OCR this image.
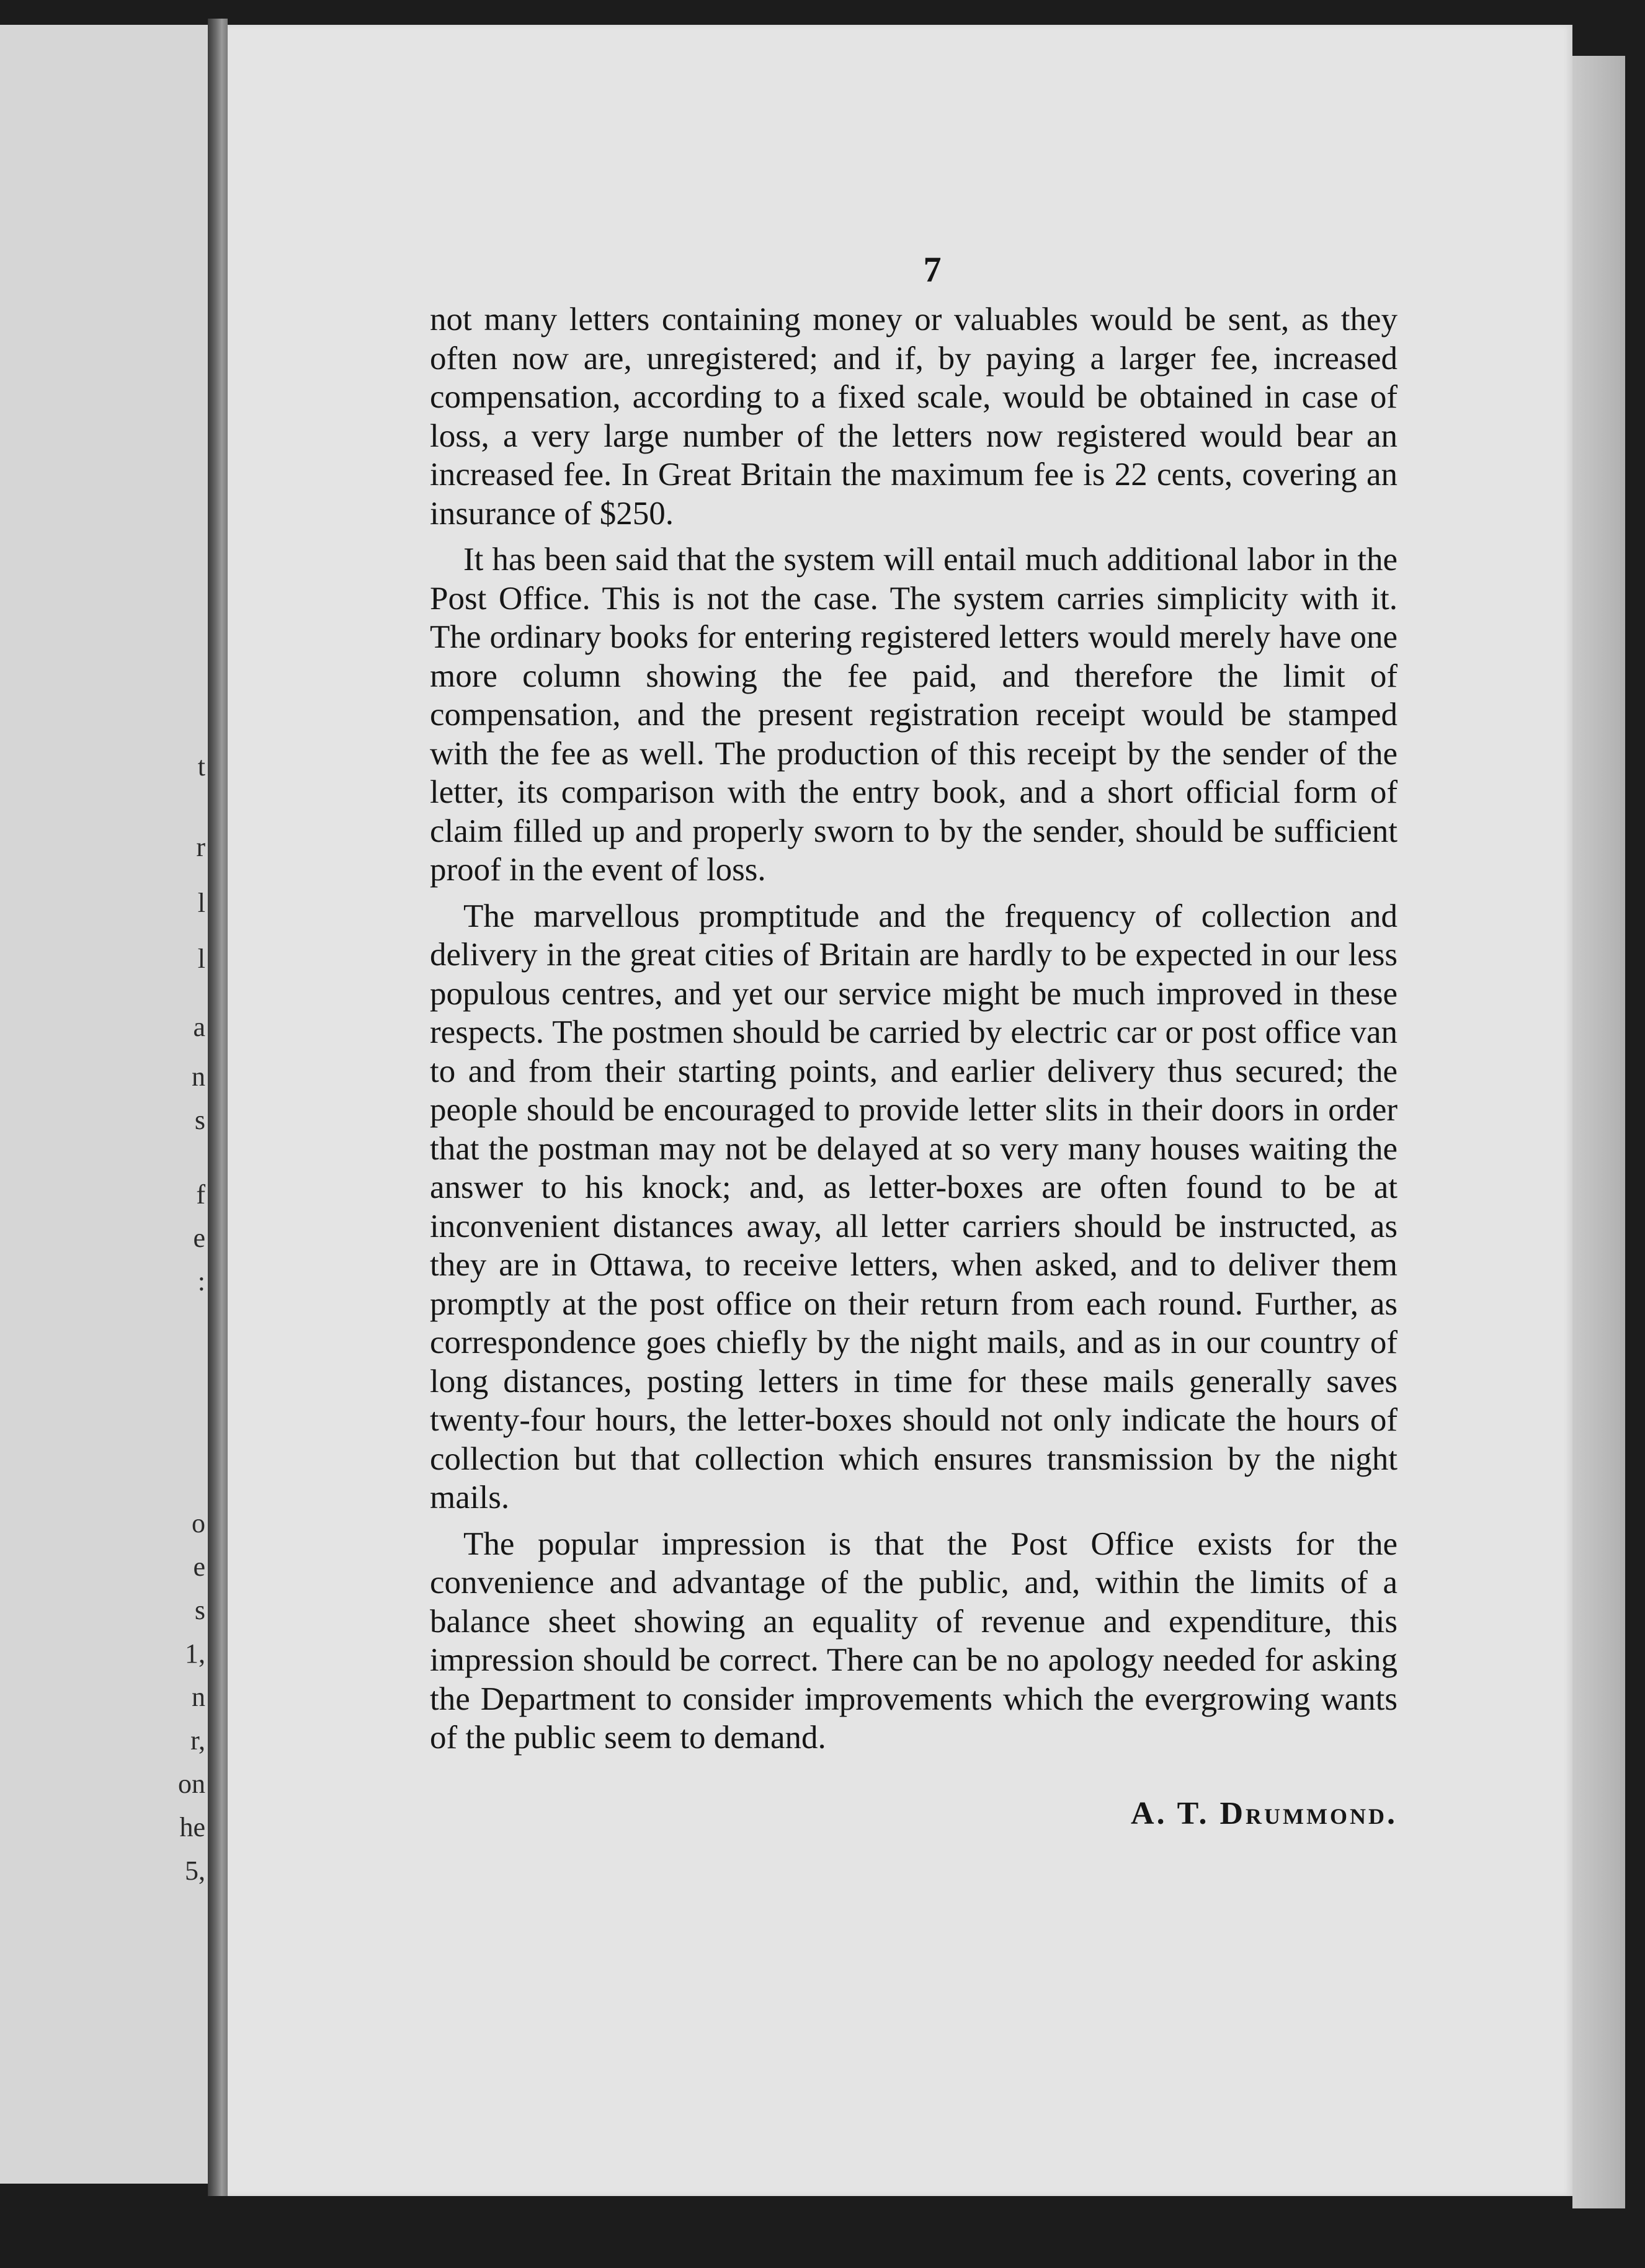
t
r
l
l
a
n
s
f
e
:
o
e
s
1,
n
r,
on
he
5,
7

not many letters containing money or valuables would be sent, as they often now are, unregistered; and if, by paying a larger fee, increased compensation, according to a fixed scale, would be obtained in case of loss, a very large number of the letters now registered would bear an increased fee. In Great Britain the maximum fee is 22 cents, covering an insurance of $250.

It has been said that the system will entail much additional labor in the Post Office. This is not the case. The system carries simplicity with it. The ordinary books for entering registered letters would merely have one more column showing the fee paid, and therefore the limit of compensation, and the present registration receipt would be stamped with the fee as well. The production of this receipt by the sender of the letter, its comparison with the entry book, and a short official form of claim filled up and properly sworn to by the sender, should be sufficient proof in the event of loss.

The marvellous promptitude and the frequency of collection and delivery in the great cities of Britain are hardly to be expected in our less populous centres, and yet our service might be much improved in these respects. The postmen should be carried by electric car or post office van to and from their starting points, and earlier delivery thus secured; the people should be encouraged to provide letter slits in their doors in order that the postman may not be delayed at so very many houses waiting the answer to his knock; and, as letter-boxes are often found to be at inconvenient distances away, all letter carriers should be instructed, as they are in Ottawa, to receive letters, when asked, and to deliver them promptly at the post office on their return from each round. Further, as correspondence goes chiefly by the night mails, and as in our country of long distances, posting letters in time for these mails generally saves twenty-four hours, the letter-boxes should not only indicate the hours of collection but that collection which ensures transmission by the night mails.

The popular impression is that the Post Office exists for the convenience and advantage of the public, and, within the limits of a balance sheet showing an equality of revenue and expenditure, this impression should be correct. There can be no apology needed for asking the Department to consider improvements which the evergrowing wants of the public seem to demand.

A. T. Drummond.
